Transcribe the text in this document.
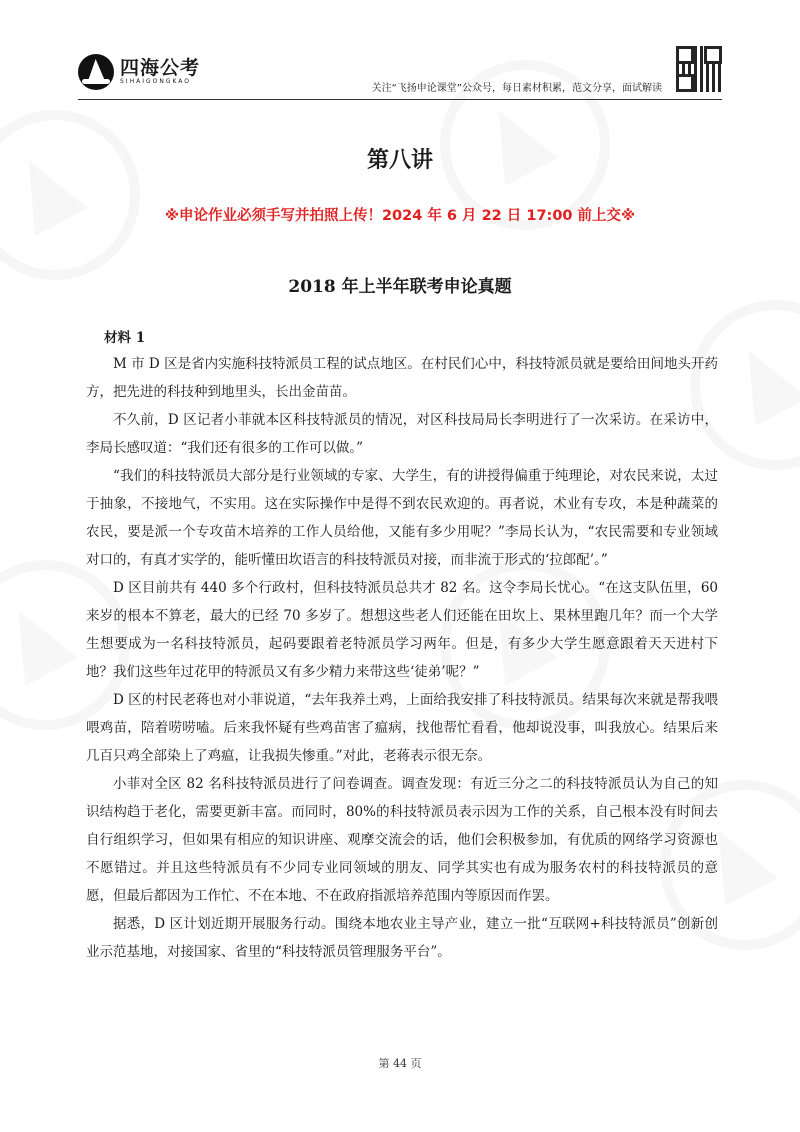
四海公考
SIHAIGONGKAO
关注“飞扬申论课堂”公众号，每日素材积累，范文分享，面试解读
第八讲
※申论作业必须手写并拍照上传！2024 年 6 月 22 日 17:00 前上交※
2018 年上半年联考申论真题
材料 1

M 市 D 区是省内实施科技特派员工程的试点地区。在村民们心中，科技特派员就是要给田间地头开药方，把先进的科技种到地里头，长出金苗苗。

不久前，D 区记者小菲就本区科技特派员的情况，对区科技局局长李明进行了一次采访。在采访中，李局长感叹道：“我们还有很多的工作可以做。”

“我们的科技特派员大部分是行业领域的专家、大学生，有的讲授得偏重于纯理论，对农民来说，太过于抽象，不接地气，不实用。这在实际操作中是得不到农民欢迎的。再者说，术业有专攻，本是种蔬菜的农民，要是派一个专攻苗木培养的工作人员给他，又能有多少用呢？”李局长认为，“农民需要和专业领域对口的，有真才实学的，能听懂田坎语言的科技特派员对接，而非流于形式的‘拉郎配’。”

D 区目前共有 440 多个行政村，但科技特派员总共才 82 名。这令李局长忧心。“在这支队伍里，60 来岁的根本不算老，最大的已经 70 多岁了。想想这些老人们还能在田坎上、果林里跑几年？而一个大学生想要成为一名科技特派员，起码要跟着老特派员学习两年。但是，有多少大学生愿意跟着天天进村下地？我们这些年过花甲的特派员又有多少精力来带这些‘徒弟’呢？”

D 区的村民老蒋也对小菲说道，“去年我养土鸡，上面给我安排了科技特派员。结果每次来就是帮我喂喂鸡苗，陪着唠唠嗑。后来我怀疑有些鸡苗害了瘟病，找他帮忙看看，他却说没事，叫我放心。结果后来几百只鸡全部染上了鸡瘟，让我损失惨重。”对此，老蒋表示很无奈。

小菲对全区 82 名科技特派员进行了问卷调查。调查发现：有近三分之二的科技特派员认为自己的知识结构趋于老化，需要更新丰富。而同时，80%的科技特派员表示因为工作的关系，自己根本没有时间去自行组织学习，但如果有相应的知识讲座、观摩交流会的话，他们会积极参加，有优质的网络学习资源也不愿错过。并且这些特派员有不少同专业同领域的朋友、同学其实也有成为服务农村的科技特派员的意愿，但最后都因为工作忙、不在本地、不在政府指派培养范围内等原因而作罢。

据悉，D 区计划近期开展服务行动。围绕本地农业主导产业，建立一批“互联网+科技特派员”创新创业示范基地，对接国家、省里的“科技特派员管理服务平台”。

第 44 页
